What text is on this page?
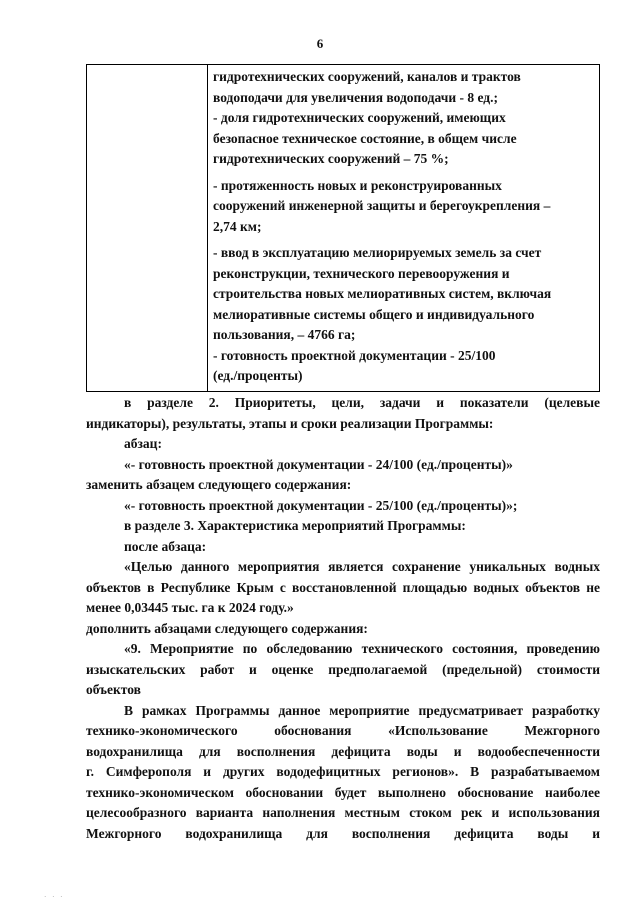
6

гидротехнических сооружений, каналов и трактов
водоподачи для увеличения водоподачи - 8 ед.;
- доля гидротехнических сооружений, имеющих
безопасное техническое состояние, в общем числе
гидротехнических сооружений – 75 %;
- протяженность новых и реконструированных
сооружений инженерной защиты и берегоукрепления –
2,74 км;
- ввод в эксплуатацию мелиорируемых земель за счет
реконструкции, технического перевооружения и
строительства новых мелиоративных систем, включая
мелиоративные системы общего и индивидуального
пользования, – 4766 га;
- готовность проектной документации - 25/100
(ед./проценты)
в разделе 2. Приоритеты, цели, задачи и показатели (целевые
индикаторы), результаты, этапы и сроки реализации Программы:
абзац:
«- готовность проектной документации - 24/100 (ед./проценты)»
заменить абзацем следующего содержания:
«- готовность проектной документации - 25/100 (ед./проценты)»;
в разделе 3. Характеристика мероприятий Программы:
после абзаца:
«Целью данного мероприятия является сохранение уникальных водных
объектов в Республике Крым с восстановленной площадью водных объектов не
менее 0,03445 тыс. га к 2024 году.»
дополнить абзацами следующего содержания:
«9. Мероприятие по обследованию технического состояния, проведению
изыскательских работ и оценке предполагаемой (предельной) стоимости
объектов
В рамках Программы данное мероприятие предусматривает разработку
технико-экономического обоснования «Использование Межгорного
водохранилища для восполнения дефицита воды и водообеспеченности
г. Симферополя и других вододефицитных регионов». В разрабатываемом
технико-экономическом обосновании будет выполнено обоснование наиболее
целесообразного варианта наполнения местным стоком рек и использования
Межгорного водохранилища для восполнения дефицита воды и
· · ·
